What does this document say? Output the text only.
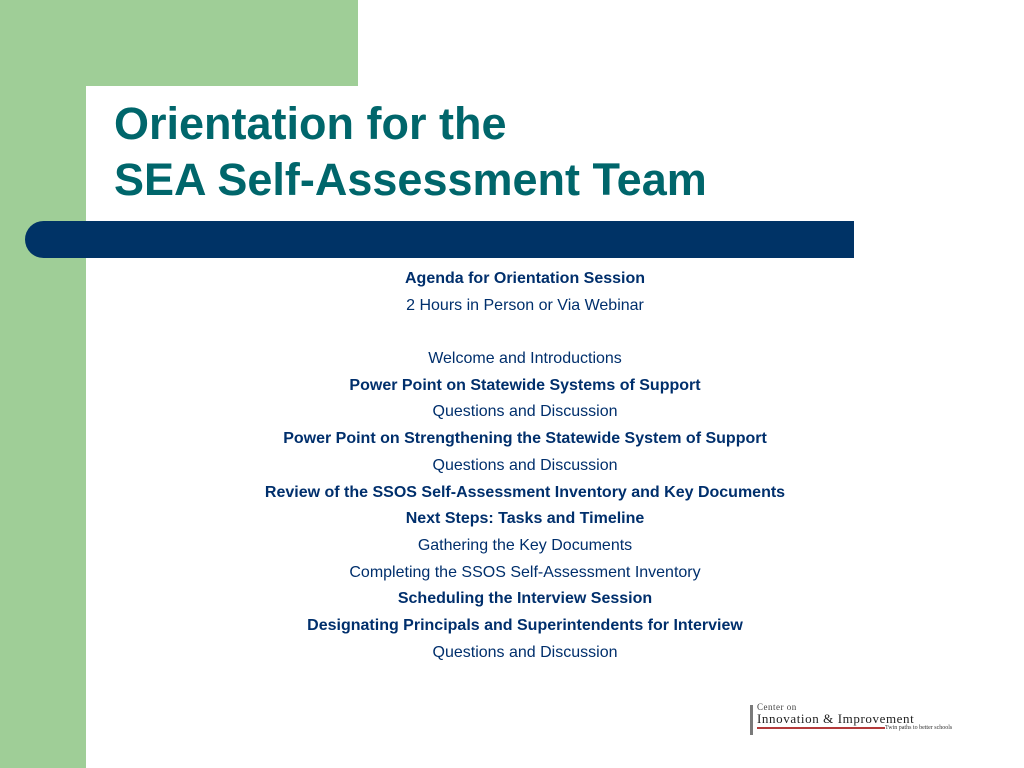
Orientation for the
SEA Self-Assessment Team
Agenda for Orientation Session
2 Hours in Person or Via Webinar
Welcome and Introductions
Power Point on Statewide Systems of Support
Questions and Discussion
Power Point on Strengthening the Statewide System of Support
Questions and Discussion
Review of the SSOS Self-Assessment Inventory and Key Documents
Next Steps: Tasks and Timeline
Gathering the Key Documents
Completing the SSOS Self-Assessment Inventory
Scheduling the Interview Session
Designating Principals and Superintendents for Interview
Questions and Discussion
Center on
Innovation & Improvement
Twin paths to better schools
